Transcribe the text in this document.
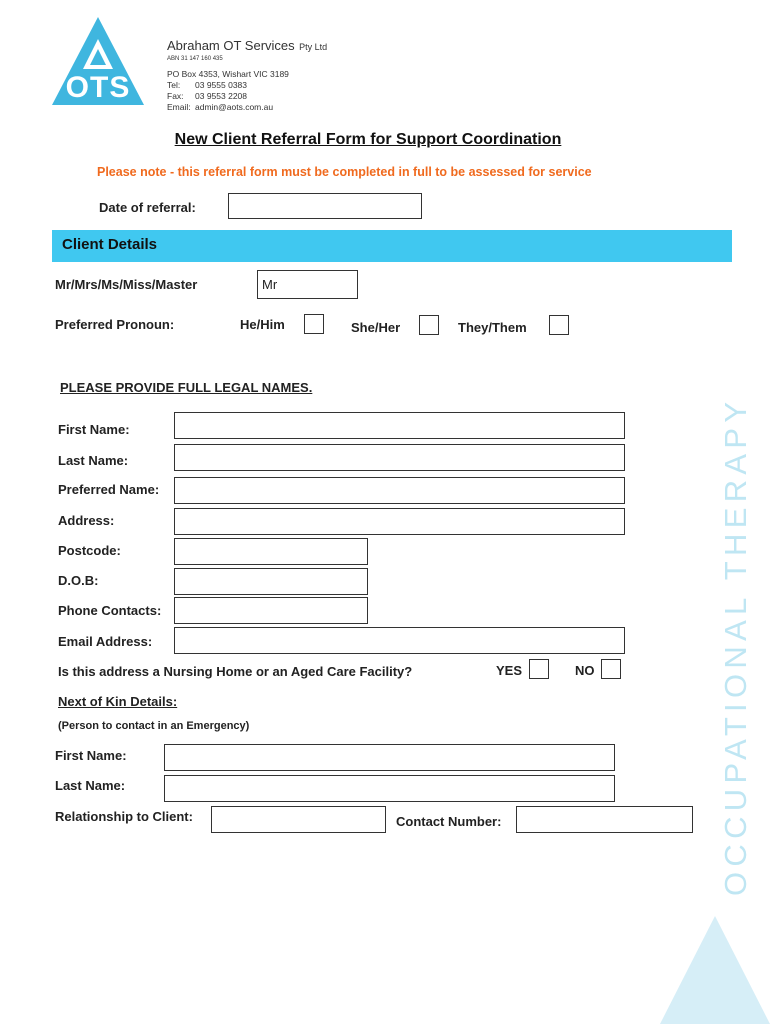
OTS
Abraham OT Services Pty Ltd
ABN 31 147 160 435
PO Box 4353, Wishart VIC 3189
Tel: 03 9555 0383
Fax: 03 9553 2208
Email: admin@aots.com.au
New Client Referral Form for Support Coordination
Please note - this referral form must be completed in full to be assessed for service
Date of referral:
Client Details
Mr/Mrs/Ms/Miss/Master	Mr
Preferred Pronoun:	He/Him	She/Her	They/Them
PLEASE PROVIDE FULL LEGAL NAMES.
First Name:
Last Name:
Preferred Name:
Address:
Postcode:
D.O.B:
Phone Contacts:
Email Address:
Is this address a Nursing Home or an Aged Care Facility?	YES	NO
Next of Kin Details:
(Person to contact in an Emergency)
First Name:
Last Name:
Relationship to Client:	Contact Number:	OCCUPATIONAL THERAPY
